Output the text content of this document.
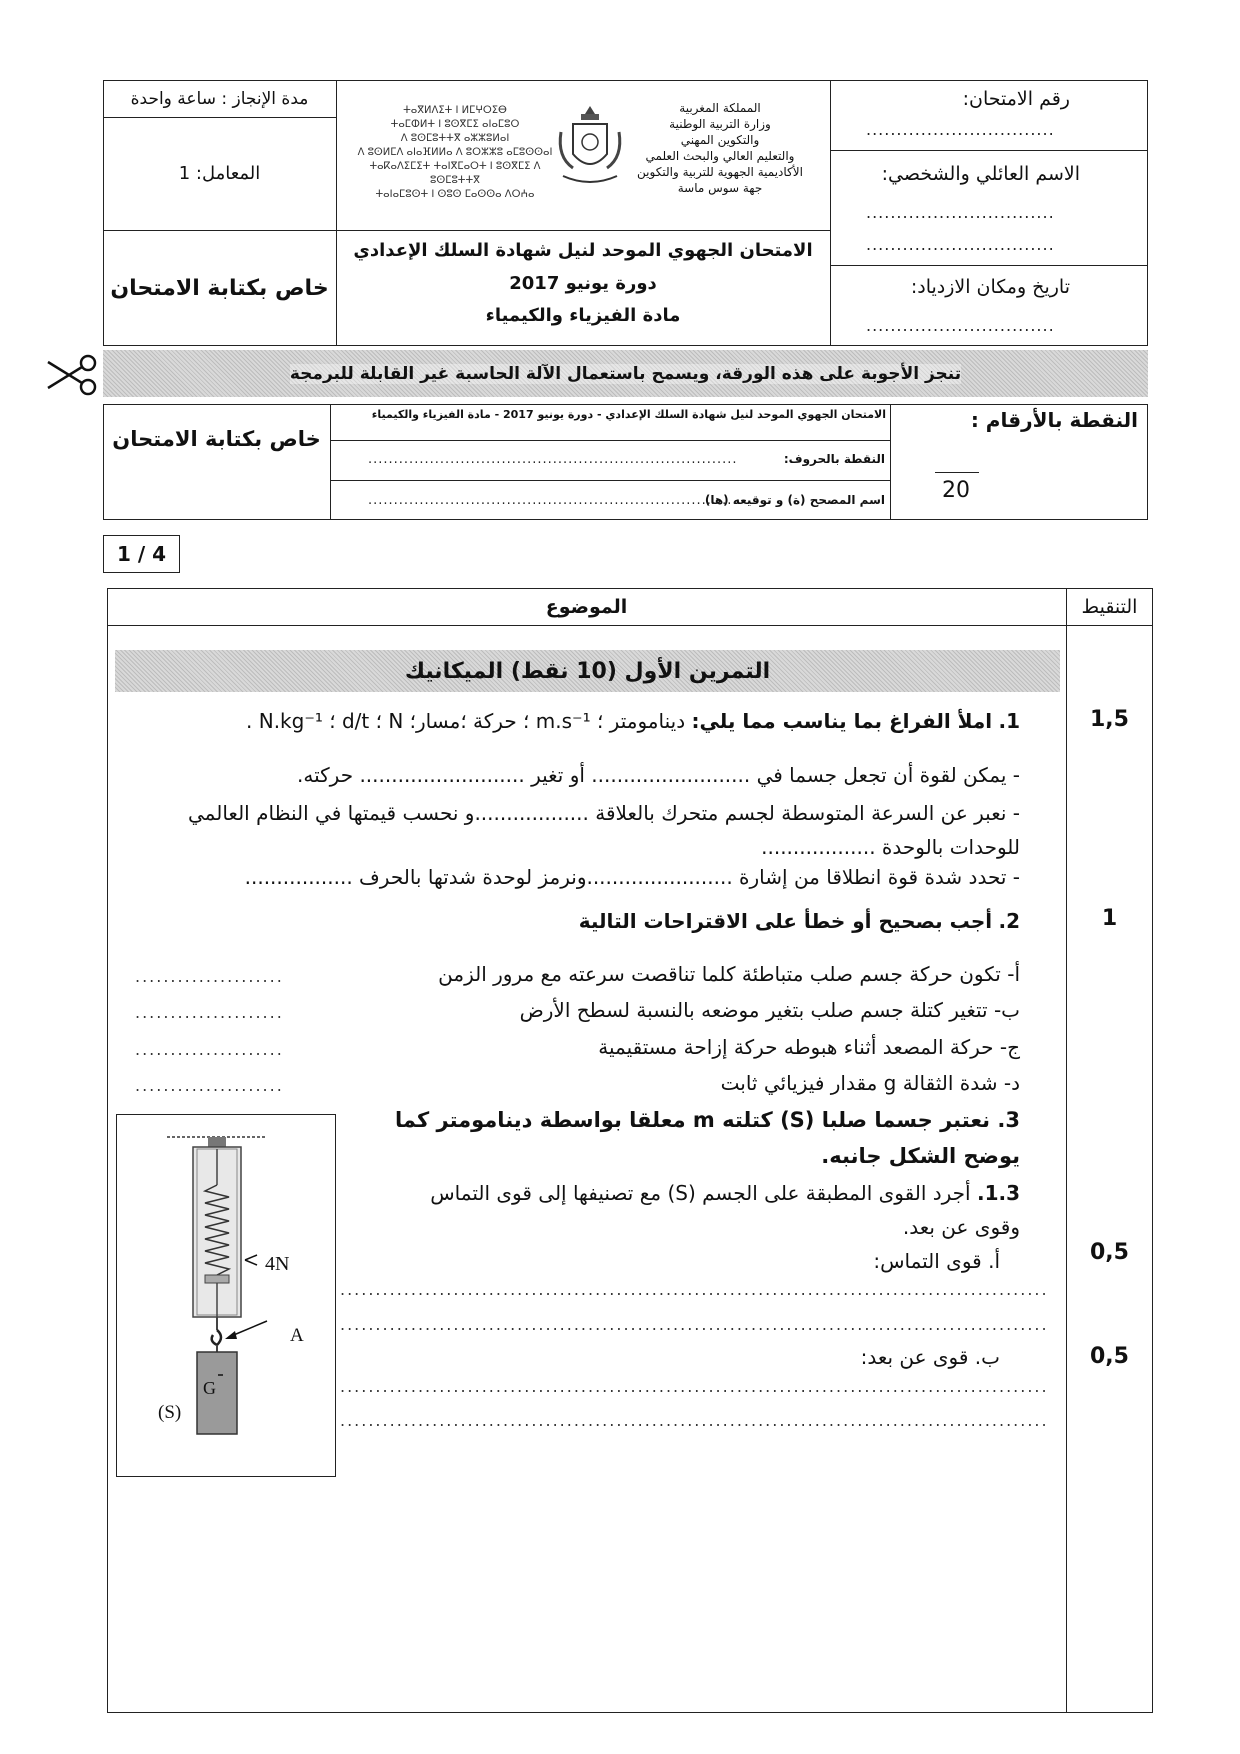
مدة الإنجاز : ساعة واحدة
المعامل: 1
خاص بكتابة الامتحان
ⵜⴰⴳⵍⴷⵉⵜ ⵏ ⵍⵎⵖⵔⵉⴱ
ⵜⴰⵎⵀⵍⵜ ⵏ ⵓⵙⴳⵎⵉ ⴰⵏⴰⵎⵓⵔ
ⴷ ⵓⵙⵎⵓⵜⵜⴳ ⴰⵣⵣⵓⵍⴰⵏ
ⴷ ⵓⵙⵍⵎⴷ ⴰⵏⴰⴼⵍⵍⴰ ⴷ ⵓⵔⵣⵣⵓ ⴰⵎⵓⵙⵙⴰⵏ
ⵜⴰⴽⴰⴷⵉⵎⵉⵜ ⵜⴰⵏⴳⵎⴰⵔⵜ ⵏ ⵓⵙⴳⵎⵉ ⴷ ⵓⵙⵎⵓⵜⵜⴳ
ⵜⴰⵏⴰⵎⵓⵙⵜ ⵏ ⵙⵓⵙ ⵎⴰⵙⵙⴰ ⴷⵔⵄⴰ
المملكة المغربية
وزارة التربية الوطنية
والتكوين المهني
والتعليم العالي والبحث العلمي
الأكاديمية الجهوية للتربية والتكوين
جهة سوس ماسة
الامتحان الجهوي الموحد لنيل شهادة السلك الإعدادي
دورة يونيو 2017
مادة الفيزياء والكيمياء
رقم الامتحان:
...............................
الاسم العائلي والشخصي:
...............................
...............................
تاريخ ومكان الازدياد:
...............................
تنجز الأجوبة على هذه الورقة، ويسمح باستعمال الآلة الحاسبة غير القابلة للبرمجة
خاص بكتابة الامتحان
الامتحان الجهوي الموحد لنيل شهادة السلك الإعدادي - دورة يونيو 2017 - مادة الفيزياء والكيمياء
النقطة بالحروف:
........................................................................
اسم المصحح (ة) و توقيعه (ها)
........................................................................
النقطة بالأرقام :
20
1 / 4
التنقيط
الموضوع
التمرين الأول (10 نقط) الميكانيك
1,5
1. املأ الفراغ بما يناسب مما يلي: دينامومتر ؛ m.s⁻¹ ؛ حركة ؛مسار؛ N ؛ d/t ؛ N.kg⁻¹ .
- يمكن لقوة أن تجعل جسما في ......................... أو تغير .......................... حركته.
- نعبر عن السرعة المتوسطة لجسم متحرك بالعلاقة ..................و نحسب قيمتها في النظام العالمي
للوحدات بالوحدة ..................
- تحدد شدة قوة انطلاقا من إشارة .......................ونرمز لوحدة شدتها بالحرف .................
1
2. أجب بصحيح أو خطأ على الاقتراحات التالية
أ- تكون حركة جسم صلب متباطئة كلما تناقصت سرعته مع مرور الزمن
.....................
ب- تتغير كتلة جسم صلب بتغير موضعه بالنسبة لسطح الأرض
.....................
ج- حركة المصعد أثناء هبوطه حركة إزاحة مستقيمية
.....................
د- شدة الثقالة g مقدار فيزيائي ثابت
.....................
4N
A
G
(S)
3. نعتبر جسما صلبا (S) كتلته m معلقا بواسطة دينامومتر كما يوضح الشكل جانبه.
1.3. أجرد القوى المطبقة على الجسم (S) مع تصنيفها إلى قوى التماس وقوى عن بعد.
0,5
أ. قوى التماس:
....................................................................................................
....................................................................................................
0,5
ب. قوى عن بعد:
....................................................................................................
....................................................................................................
